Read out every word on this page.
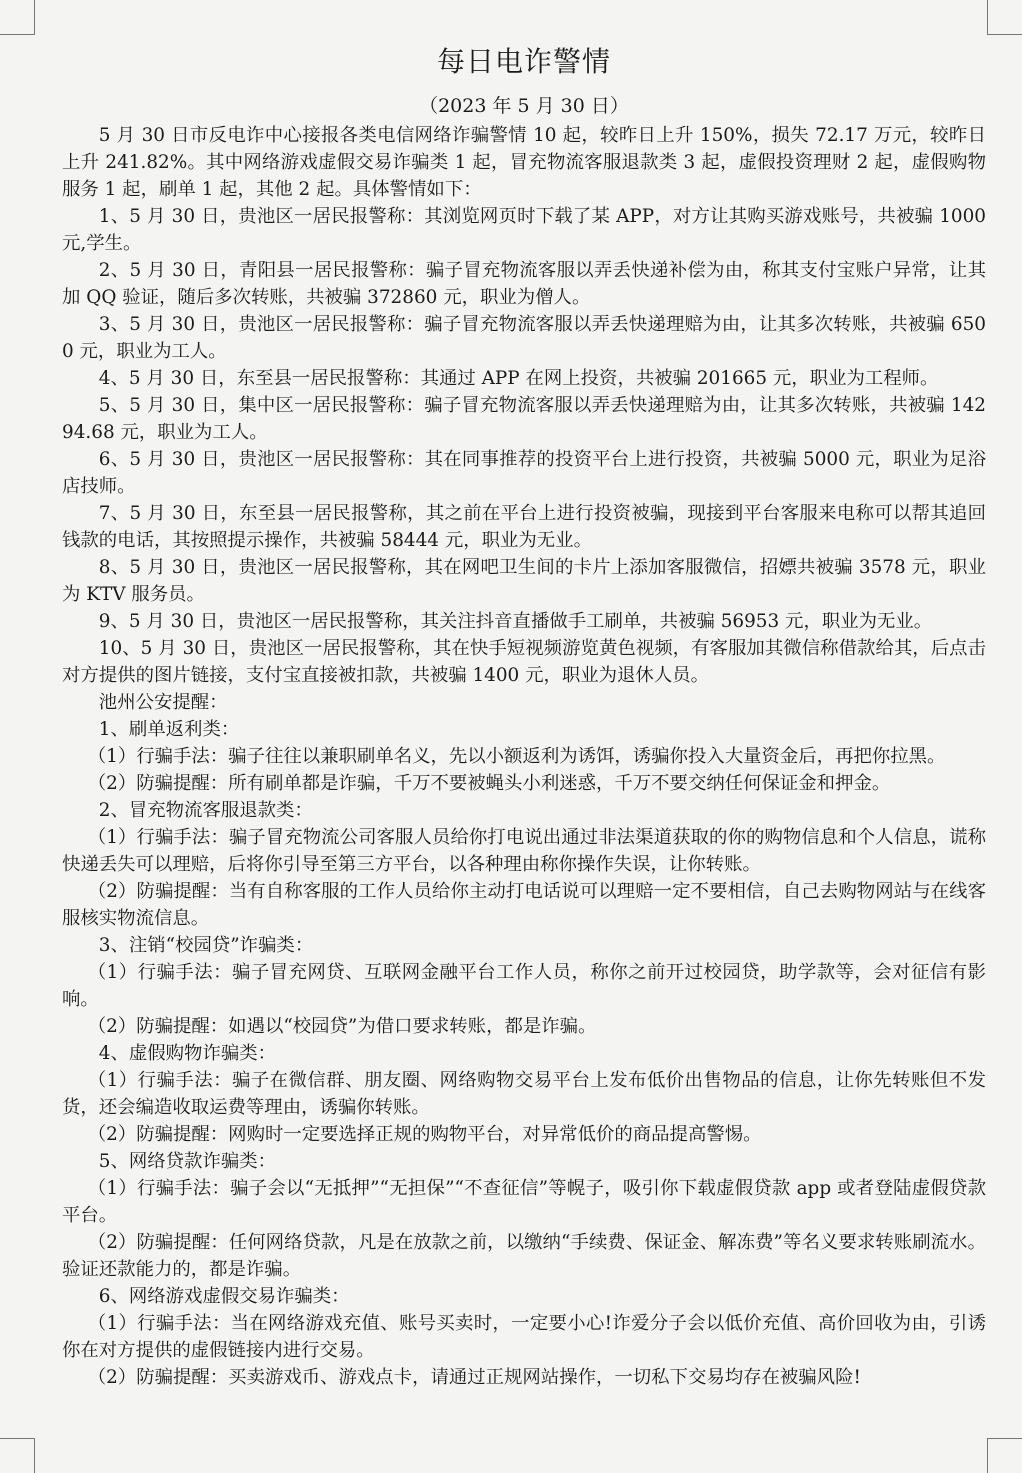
每日电诈警情
（2023 年 5 月 30 日）

5 月 30 日市反电诈中心接报各类电信网络诈骗警情 10 起，较昨日上升 150%，损失 72.17 万元，较昨日上升 241.82%。其中网络游戏虚假交易诈骗类 1 起，冒充物流客服退款类 3 起，虚假投资理财 2 起，虚假购物服务 1 起，刷单 1 起，其他 2 起。具体警情如下：

1、5 月 30 日，贵池区一居民报警称：其浏览网页时下载了某 APP，对方让其购买游戏账号，共被骗 1000 元,学生。

2、5 月 30 日，青阳县一居民报警称：骗子冒充物流客服以弄丢快递补偿为由，称其支付宝账户异常，让其加 QQ 验证，随后多次转账，共被骗 372860 元，职业为僧人。

3、5 月 30 日，贵池区一居民报警称：骗子冒充物流客服以弄丢快递理赔为由，让其多次转账，共被骗 6500 元，职业为工人。

4、5 月 30 日，东至县一居民报警称：其通过 APP 在网上投资，共被骗 201665 元，职业为工程师。

5、5 月 30 日，集中区一居民报警称：骗子冒充物流客服以弄丢快递理赔为由，让其多次转账，共被骗 14294.68 元，职业为工人。

6、5 月 30 日，贵池区一居民报警称：其在同事推荐的投资平台上进行投资，共被骗 5000 元，职业为足浴店技师。

7、5 月 30 日，东至县一居民报警称，其之前在平台上进行投资被骗，现接到平台客服来电称可以帮其追回钱款的电话，其按照提示操作，共被骗 58444 元，职业为无业。

8、5 月 30 日，贵池区一居民报警称，其在网吧卫生间的卡片上添加客服微信，招嫖共被骗 3578 元，职业为 KTV 服务员。

9、5 月 30 日，贵池区一居民报警称，其关注抖音直播做手工刷单，共被骗 56953 元，职业为无业。

10、5 月 30 日，贵池区一居民报警称，其在快手短视频游览黄色视频，有客服加其微信称借款给其，后点击对方提供的图片链接，支付宝直接被扣款，共被骗 1400 元，职业为退休人员。

池州公安提醒：

1、刷单返利类：

（1）行骗手法：骗子往往以兼职刷单名义，先以小额返利为诱饵，诱骗你投入大量资金后，再把你拉黑。

（2）防骗提醒：所有刷单都是诈骗，千万不要被蝇头小利迷惑，千万不要交纳任何保证金和押金。

2、冒充物流客服退款类：

（1）行骗手法：骗子冒充物流公司客服人员给你打电说出通过非法渠道获取的你的购物信息和个人信息，谎称快递丢失可以理赔，后将你引导至第三方平台，以各种理由称你操作失误，让你转账。

（2）防骗提醒：当有自称客服的工作人员给你主动打电话说可以理赔一定不要相信，自己去购物网站与在线客服核实物流信息。

3、注销“校园贷”诈骗类：

（1）行骗手法：骗子冒充网贷、互联网金融平台工作人员，称你之前开过校园贷，助学款等，会对征信有影响。

（2）防骗提醒：如遇以“校园贷”为借口要求转账，都是诈骗。

4、虚假购物诈骗类：

（1）行骗手法：骗子在微信群、朋友圈、网络购物交易平台上发布低价出售物品的信息，让你先转账但不发货，还会编造收取运费等理由，诱骗你转账。

（2）防骗提醒：网购时一定要选择正规的购物平台，对异常低价的商品提高警惕。

5、网络贷款诈骗类：

（1）行骗手法：骗子会以“无抵押”“无担保”“不查征信”等幌子，吸引你下载虚假贷款 app 或者登陆虚假贷款平台。

（2）防骗提醒：任何网络贷款，凡是在放款之前，以缴纳“手续费、保证金、解冻费”等名义要求转账刷流水。验证还款能力的，都是诈骗。

6、网络游戏虚假交易诈骗类：

（1）行骗手法：当在网络游戏充值、账号买卖时，一定要小心!诈爱分子会以低价充值、高价回收为由，引诱你在对方提供的虚假链接内进行交易。

（2）防骗提醒：买卖游戏币、游戏点卡，请通过正规网站操作，一切私下交易均存在被骗风险!
